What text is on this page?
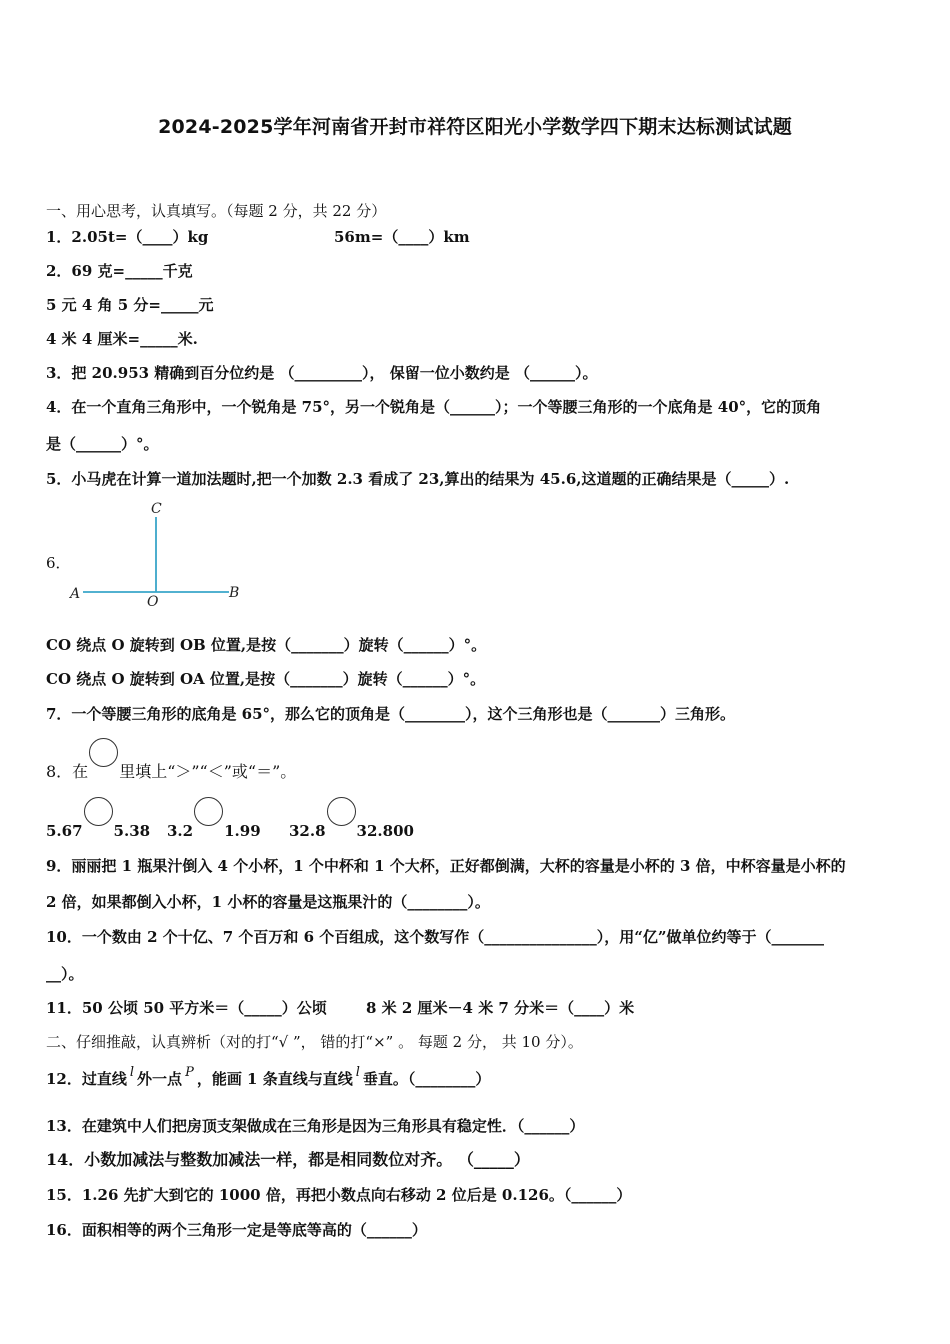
2024-2025学年河南省开封市祥符区阳光小学数学四下期末达标测试试题
一、用心思考，认真填写。（每题 2 分，共 22 分）
1．2.05t=（____）kg	56m=（____）km
2．69 克=_____千克
5 元 4 角 5 分=_____元
4 米 4 厘米=_____米.
3．把 20.953 精确到百分位约是 （_________）， 保留一位小数约是 （______）。
4．在一个直角三角形中，一个锐角是 75°，另一个锐角是（______）；一个等腰三角形的一个底角是 40°，它的顶角
是（______）°。
5．小马虎在计算一道加法题时,把一个加数 2.3 看成了 23,算出的结果为 45.6,这道题的正确结果是（_____）.
6．
C
A	O
B
CO 绕点 O 旋转到 OB 位置,是按（_______）旋转（______）°。
CO 绕点 O 旋转到 OA 位置,是按（_______）旋转（______）°。
7．一个等腰三角形的底角是 65°，那么它的顶角是（________），这个三角形也是（_______）三角形。
8．在 里填上“＞”“＜”或“＝”。
5.67 5.38 3.2 1.99 32.8 32.800
9．丽丽把 1 瓶果汁倒入 4 个小杯，1 个中杯和 1 个大杯，正好都倒满，大杯的容量是小杯的 3 倍，中杯容量是小杯的
2 倍，如果都倒入小杯，1 小杯的容量是这瓶果汁的（________）。
10．一个数由 2 个十亿、7 个百万和 6 个百组成，这个数写作（_______________），用“亿”做单位约等于（_______
__）。
11．50 公顷 50 平方米＝（_____）公顷	8 米 2 厘米－4 米 7 分米＝（____）米
二、仔细推敲，认真辨析（对的打“√ ”， 错的打“×” 。 每题 2 分， 共 10 分）。
12．过直线 l 外一点 P ，能画 1 条直线与直线 l 垂直。（________）
13．在建筑中人们把房顶支架做成在三角形是因为三角形具有稳定性．（______）
14．小数加减法与整数加减法一样，都是相同数位对齐。 （_____）
15．1.26 先扩大到它的 1000 倍，再把小数点向右移动 2 位后是 0.126。（______）
16．面积相等的两个三角形一定是等底等高的（______）
